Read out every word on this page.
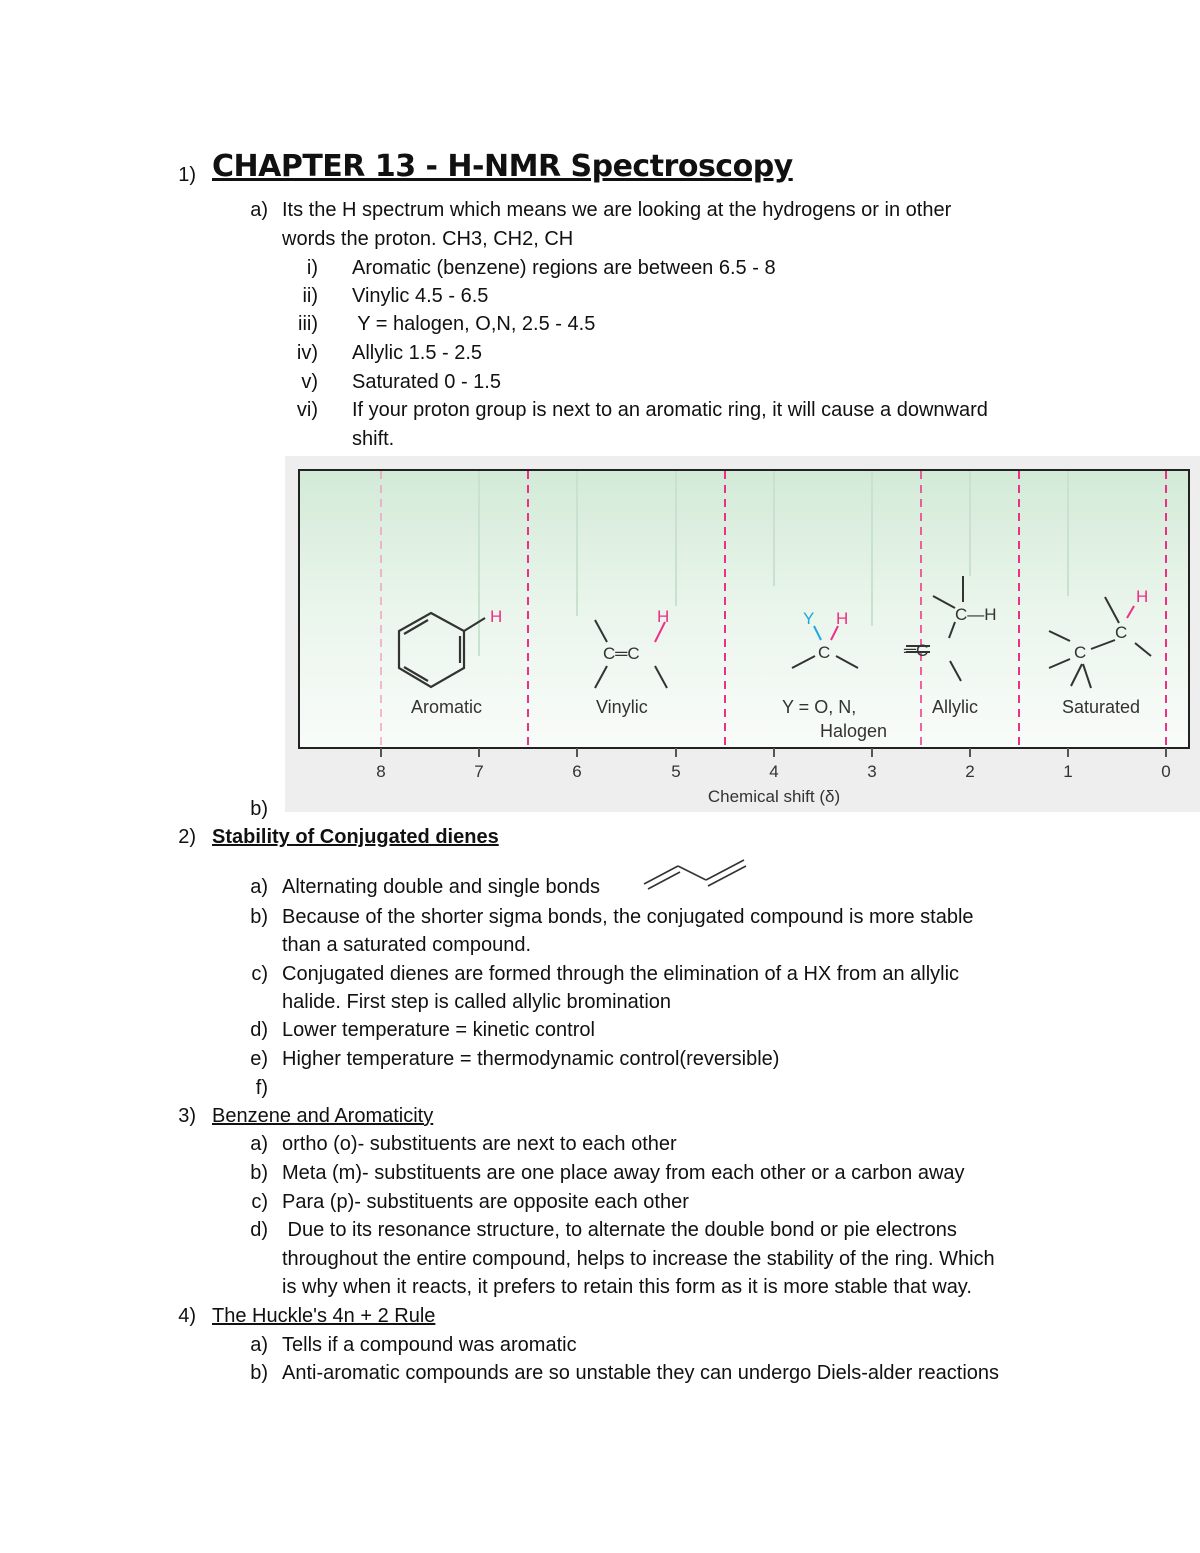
1) CHAPTER 13 - H-NMR Spectroscopy
a) Its the H spectrum which means we are looking at the hydrogens or in other
words the proton. CH3, CH2, CH
i) Aromatic (benzene) regions are between 6.5 - 8
ii) Vinylic 4.5 - 6.5
iii) Y = halogen, O,N, 2.5 - 4.5
iv) Allylic 1.5 - 2.5
v) Saturated 0 - 1.5
vi) If your proton group is next to an aromatic ring, it will cause a downward
shift.
H
C═C
H	Y H
C
C—H
═C
H
C
C
Aromatic	Vinylic	Y = O, N,
Halogen
Allylic	Saturated
8	7	6	5	4	3	2	1	0
Chemical shift (δ)
b)
2) Stability of Conjugated dienes
a) Alternating double and single bonds
b) Because of the shorter sigma bonds, the conjugated compound is more stable
than a saturated compound.
c) Conjugated dienes are formed through the elimination of a HX from an allylic
halide. First step is called allylic bromination
d) Lower temperature = kinetic control
e) Higher temperature = thermodynamic control(reversible)
f)
3) Benzene and Aromaticity
a) ortho (o)- substituents are next to each other
b) Meta (m)- substituents are one place away from each other or a carbon away
c) Para (p)- substituents are opposite each other
d) Due to its resonance structure, to alternate the double bond or pie electrons
throughout the entire compound, helps to increase the stability of the ring. Which
is why when it reacts, it prefers to retain this form as it is more stable that way.
4) The Huckle's 4n + 2 Rule
a) Tells if a compound was aromatic
b) Anti-aromatic compounds are so unstable they can undergo Diels-alder reactions
